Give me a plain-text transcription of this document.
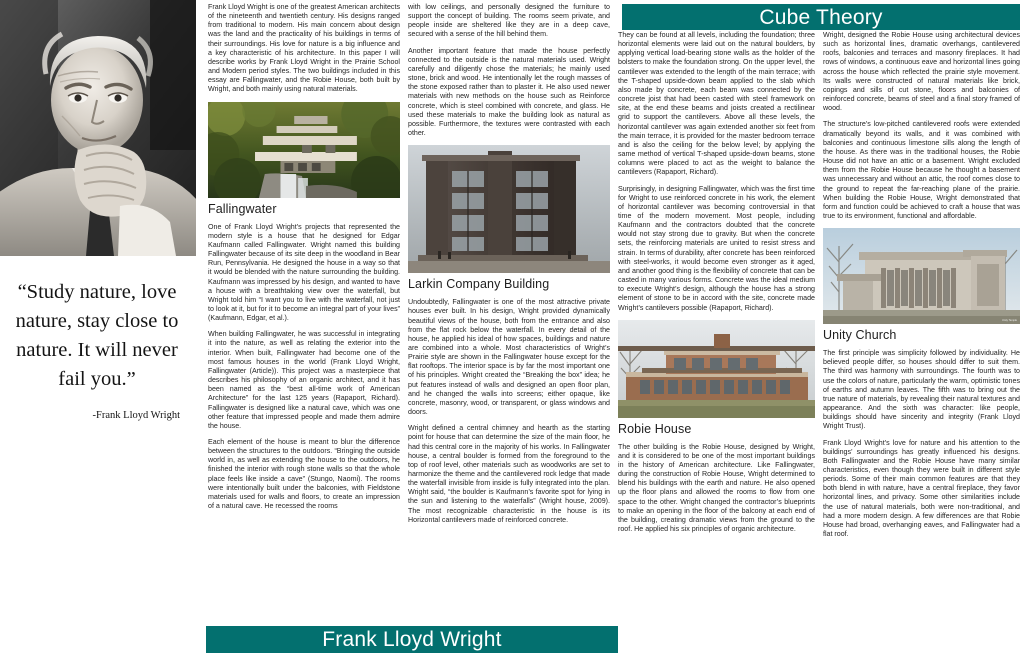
“Study nature, love nature, stay close to nature. It will never fail you.”
-Frank Lloyd Wright

Frank Lloyd Wright is one of the greatest American architects of the nineteenth and twentieth century. His designs ranged from traditional to modern. His main concern about design was the land and the practicality of his buildings in terms of their surroundings. His love for nature is a big influence and a key characteristic of his architecture. In this paper I will describe works by Frank Lloyd Wright in the Prairie School and Modern period styles. The two buildings included in this essay are Fallingwater, and the Robie House, both built by Wright, and both mainly using natural materials.

Fallingwater

One of Frank Lloyd Wright’s projects that represented the modern style is a house that he designed for Edgar Kaufmann called Fallingwater. Wright named this building Fallingwater because of its site deep in the woodland in Bear Run, Pennsylvania. He designed the house in a way so that it would be blended with the nature surrounding the building. Kaufmann was impressed by his design, and wanted to have a house with a breathtaking view over the waterfall, but Wright told him “I want you to live with the waterfall, not just to look at it, but for it to become an integral part of your lives” (Kaufmann, Edgar, et al.).

When building Fallingwater, he was successful in integrating it into the nature, as well as relating the exterior into the interior. When built, Fallingwater had become one of the most famous houses in the world (Frank Lloyd Wright, Fallingwater (Article)). This project was a masterpiece that describes his philosophy of an organic architect, and it has been named as the “best all-time work of American Architecture” for the last 125 years (Rapaport, Richard). Fallingwater is designed like a natural cave, which was one other feature that impressed people and made them admire the house.

Each element of the house is meant to blur the difference between the structures to the outdoors. “Bringing the outside world in, as well as extending the house to the outdoors, he finished the interior with rough stone walls so that the whole place feels like inside a cave” (Stungo, Naomi). The rooms were intentionally built under the balconies, with Fieldstone materials used for walls and floors, to create an impression of a natural cave. He recessed the rooms

with low ceilings, and personally designed the furniture to support the concept of building. The rooms seem private, and people inside are sheltered like they are in a deep cave, secured with a sense of the hill behind them.

Another important feature that made the house perfectly connected to the outside is the natural materials used. Wright carefully and diligently chose the materials; he mainly used stone, brick and wood. He intentionally let the rough masses of the stone exposed rather than to plaster it. He also used newer materials with new methods on the house such as Reinforce concrete, which is steel combined with concrete, and glass. He used these materials to make the building look as natural as possible. Furthermore, the textures were contrasted with each other.

Larkin Company Building

Undoubtedly, Fallingwater is one of the most attractive private houses ever built. In his design, Wright provided dynamically beautiful views of the house, both from the entrance and also from the flat rock below the waterfall. In every detail of the house, he applied his ideal of how spaces, buildings and nature are combined into a whole. Most characteristics of Wright’s Prairie style are shown in the Fallingwater house except for the flat rooftops. The interior space is by far the most important one of his principles. Wright created the “Breaking the box” idea; he put features instead of walls and designed an open floor plan, and he changed the walls into screens; either opaque, like concrete, masonry, wood, or transparent, or glass windows and doors.

Wright defined a central chimney and hearth as the starting point for house that can determine the size of the main floor, he had this central core in the majority of his works. In Fallingwater house, a central boulder is formed from the foreground to the top of roof level, other materials such as woodworks are set to harmonize the theme and the cantilevered rock ledge that made the waterfall invisible from inside is fully integrated into the plan. Wright said, “the boulder is Kaufmann’s favorite spot for lying in the sun and listening to the waterfalls” (Wright house, 2009). The most recognizable characteristic in the house is its Horizontal cantilevers made of reinforced concrete.

They can be found at all levels, including the foundation; three horizontal elements were laid out on the natural boulders, by applying vertical load-bearing stone walls as the holder of the bolsters to make the foundation strong. On the upper level, the cantilever was extended to the length of the main terrace; with the T-shaped upside-down beam applied to the slab which also made by concrete, each beam was connected by the concrete joist that had been casted with steel framework on site, at the end these beams and joists created a rectilinear grid to support the cantilevers. Above all these levels, the horizontal cantilever was again extended another six feet from the main terrace, it is provided for the master bedroom terrace and is also the ceiling for the below level; by applying the same method of vertical T-shaped upside-down beams, stone columns were placed to act as the weight to balance the cantilevers (Rapaport, Richard).

Surprisingly, in designing Fallingwater, which was the first time for Wright to use reinforced concrete in his work, the element of horizontal cantilever was becoming controversial in that time of the modern movement. Most people, including Kaufmann and the contractors doubted that the concrete would not stay strong due to gravity. But when the concrete sets, the reinforcing materials are united to resist stress and strain. In terms of durability, after concrete has been reinforced with steel-works, it would become even stronger as it aged, and another good thing is the flexibility of concrete that can be casted in many various forms. Concrete was the ideal medium to execute Wright’s design, although the house has a strong element of stone to be in accord with the site, concrete made Wright’s cantilevers possible (Rapaport, Richard).

Robie House

The other building is the Robie House, designed by Wright, and it is considered to be one of the most important buildings in the history of American architecture. Like Fallingwater, during the construction of Robie House, Wright determined to blend his buildings with the earth and nature. He also opened up the floor plans and allowed the rooms to flow from one space to the other. Wright changed the contractor’s blueprints to make an opening in the floor of the balcony at each end of the building, creating dramatic views from the ground to the roof. He applied his six principles of organic architecture.

Wright, designed the Robie House using architectural devices such as horizontal lines, dramatic overhangs, cantilevered roofs, balconies and terraces and masonry fireplaces. It had rows of windows, a continuous eave and horizontal lines going across the house which reflected the prairie style movement. Its walls were constructed of natural materials like brick, copings and sills of cut stone, floors and balconies of reinforced concrete, beams of steel and a final story framed of wood.

The structure’s low-pitched cantilevered roofs were extended dramatically beyond its walls, and it was combined with balconies and continuous limestone sills along the length of the house. As there was in the traditional houses, the Robie House did not have an attic or a basement. Wright excluded them from the Robie House because he thought a basement was unnecessary and without an attic, the roof comes close to the ground to repeat the far-reaching plane of the prairie. When building the Robie House, Wright demonstrated that form and function could be achieved to craft a house that was true to its environment, functional and affordable.

Unity Temple
Unity Church

The first principle was simplicity followed by individuality. He believed people differ, so houses should differ to suit them. The third was harmony with surroundings. The fourth was to use the colors of nature, particularly the warm, optimistic tones of earths and autumn leaves. The fifth was to bring out the true nature of materials, by revealing their natural textures and appearance. And the sixth was character: like people, buildings should have sincerity and integrity (Frank Lloyd Wright Trust).

Frank Lloyd Wright’s love for nature and his attention to the buildings’ surroundings has greatly influenced his designs. Both Fallingwater and the Robie House have many similar characteristics, even though they were built in different style periods. Some of their main common features are that they both blend in with nature, have a central fireplace, they favor horizontal lines, and privacy. Some other similarities include the use of natural materials, both were non-traditional, and had a more modern design. A few differences are that Robie House had broad, overhanging eaves, and Fallingwater had a flat roof.

Cube Theory
Frank Lloyd Wright
